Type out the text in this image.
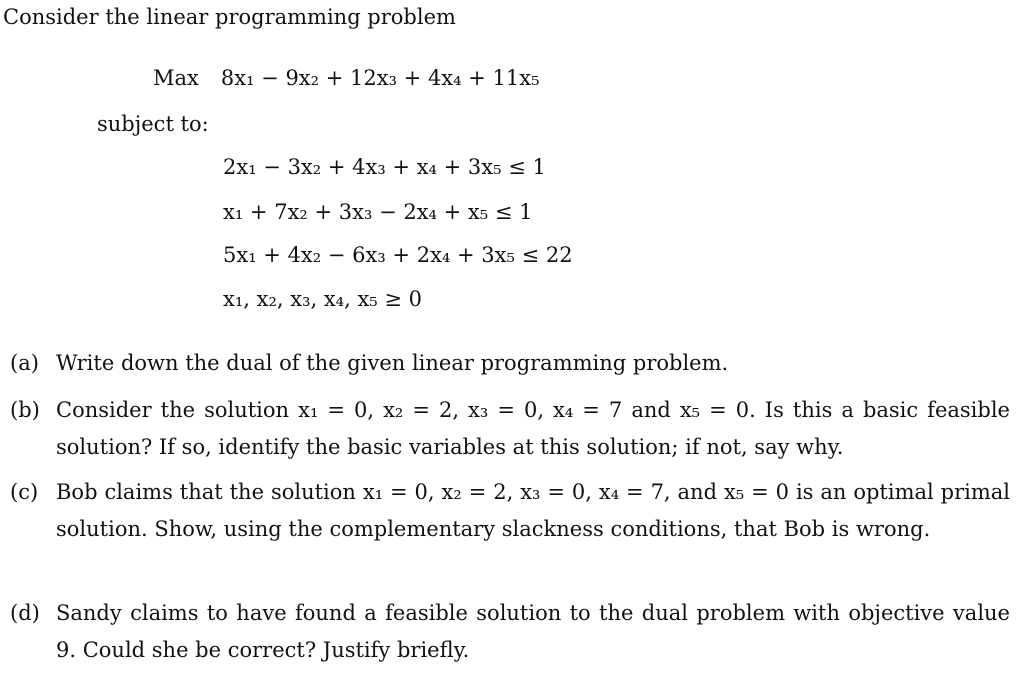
Consider the linear programming problem
Max 8x₁ − 9x₂ + 12x₃ + 4x₄ + 11x₅
subject to:
2x₁ − 3x₂ + 4x₃ + x₄ + 3x₅ ≤ 1
x₁ + 7x₂ + 3x₃ − 2x₄ + x₅ ≤ 1
5x₁ + 4x₂ − 6x₃ + 2x₄ + 3x₅ ≤ 22
x₁, x₂, x₃, x₄, x₅ ≥ 0
(a) Write down the dual of the given linear programming problem.
(b) Consider the solution x₁ = 0, x₂ = 2, x₃ = 0, x₄ = 7 and x₅ = 0. Is this a basic feasible solution? If so, identify the basic variables at this solution; if not, say why.
(c) Bob claims that the solution x₁ = 0, x₂ = 2, x₃ = 0, x₄ = 7, and x₅ = 0 is an optimal primal solution. Show, using the complementary slackness conditions, that Bob is wrong.
(d) Sandy claims to have found a feasible solution to the dual problem with objective value 9. Could she be correct? Justify briefly.
